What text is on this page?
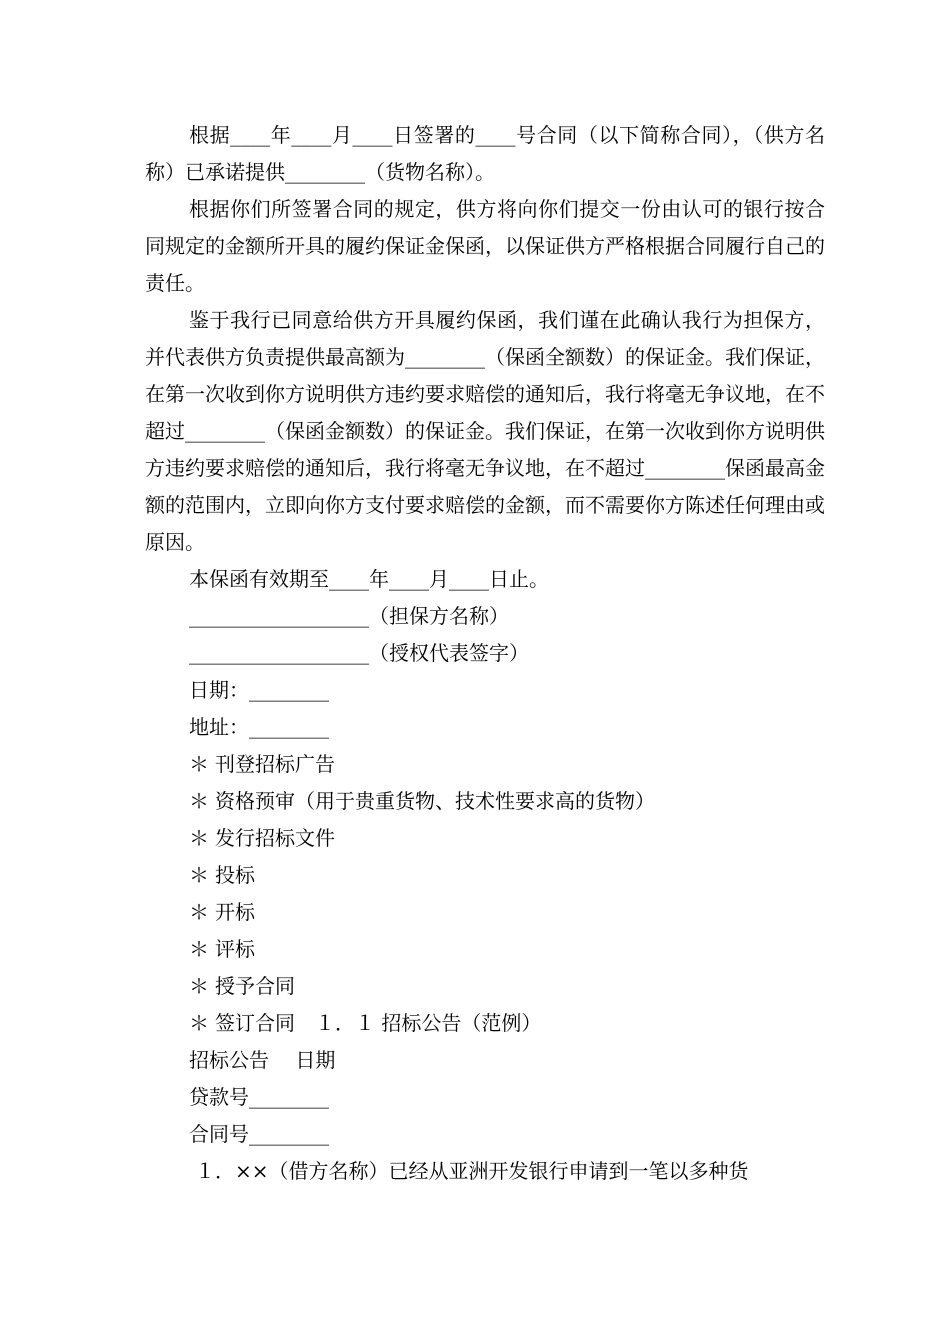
根据____年____月____日签署的____号合同（以下简称合同），（供方名称）已承诺提供________（货物名称）。

根据你们所签署合同的规定，供方将向你们提交一份由认可的银行按合同规定的金额所开具的履约保证金保函，以保证供方严格根据合同履行自己的责任。

鉴于我行已同意给供方开具履约保函，我们谨在此确认我行为担保方，并代表供方负责提供最高额为________（保函全额数）的保证金。我们保证，在第一次收到你方说明供方违约要求赔偿的通知后，我行将毫无争议地，在不超过________（保函金额数）的保证金。我们保证，在第一次收到你方说明供方违约要求赔偿的通知后，我行将毫无争议地，在不超过________保函最高金额的范围内，立即向你方支付要求赔偿的金额，而不需要你方陈述任何理由或原因。

本保函有效期至____年____月____日止。
__________________（担保方名称）
__________________（授权代表签字）
日期：________
地址：________
＊ 刊登招标广告
＊ 资格预审（用于贵重货物、技术性要求高的货物）
＊ 发行招标文件
＊ 投标
＊ 开标
＊ 评标
＊ 授予合同
＊ 签订合同　１．１ 招标公告（范例）
招标公告　 日期
贷款号________
合同号________
１．××（借方名称）已经从亚洲开发银行申请到一笔以多种货
